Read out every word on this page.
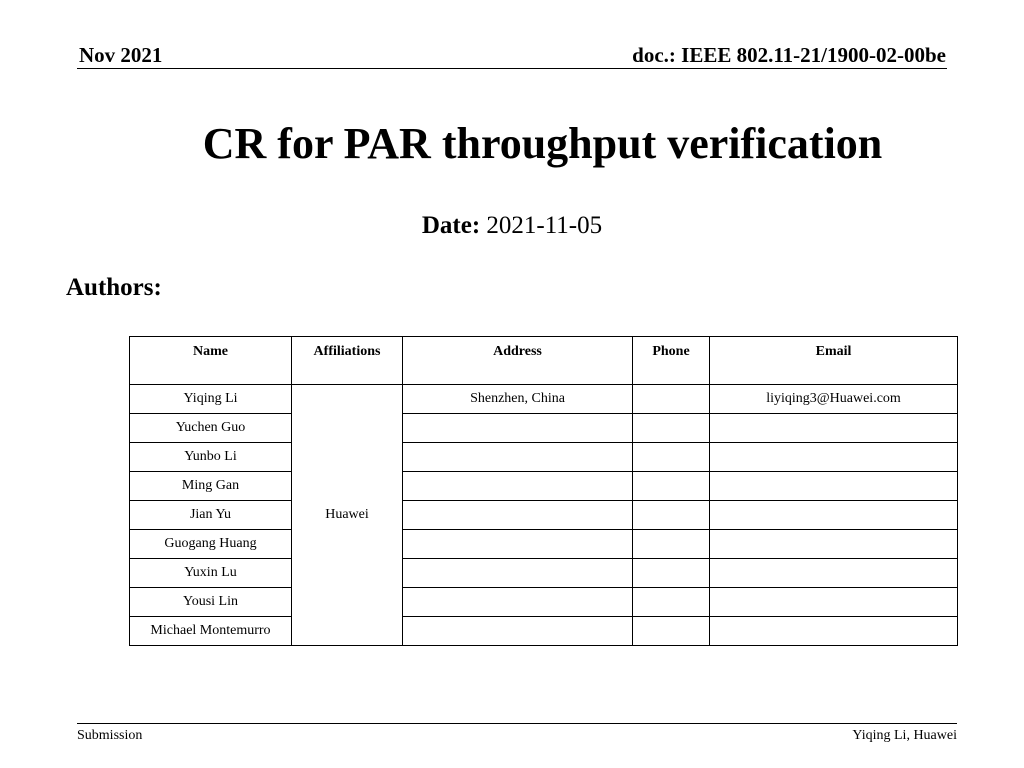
Nov 2021	doc.: IEEE 802.11-21/1900-02-00be
CR for PAR throughput verification
Date: 2021-11-05
Authors:
Name	Affiliations	Address	Phone	Email
Yiqing Li	Huawei	Shenzhen, China		liyiqing3@Huawei.com
Yuchen Guo				
Yunbo Li				
Ming Gan				
Jian Yu				
Guogang Huang				
Yuxin Lu				
Yousi Lin				
Michael Montemurro				
Submission	Yiqing Li, Huawei
